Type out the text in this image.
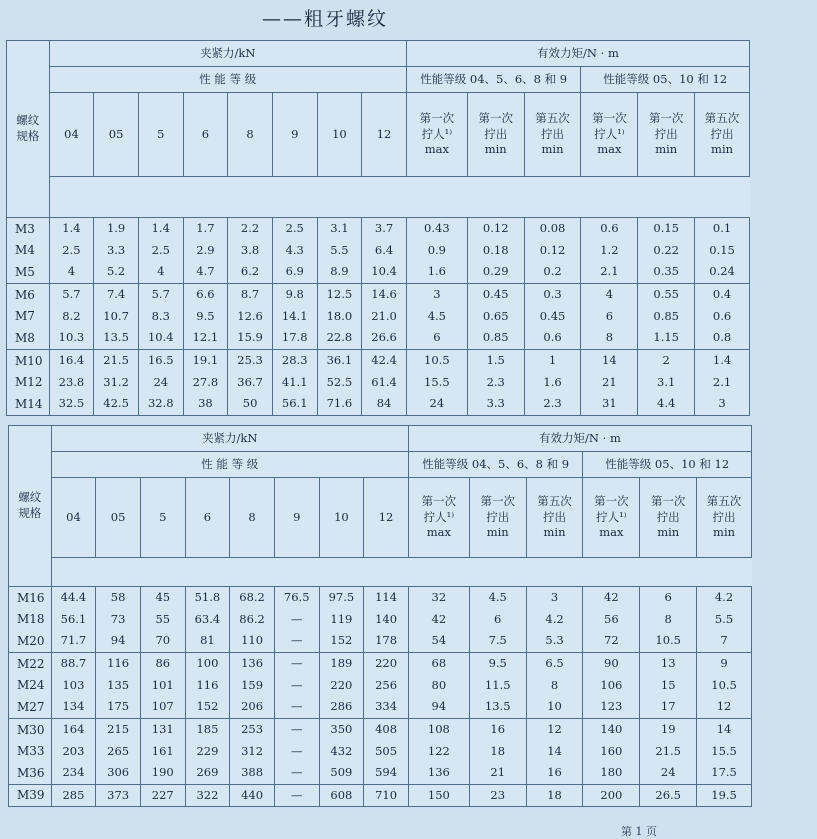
——粗牙螺纹
螺纹
规格	夹紧力/kN								有效力矩/N · m					
	性 能 等 级								性能等级 04、5、6、8 和 9			性能等级 05、10 和 12		
	04	05	5	6	8	9	10	12	第一次
拧人¹⁾
max	第一次
拧出
min	第五次
拧出
min	第一次
拧人¹⁾
max	第一次
拧出
min	第五次
拧出
min

M3	1.4	1.9	1.4	1.7	2.2	2.5	3.1	3.7	0.43	0.12	0.08	0.6	0.15	0.1
M4	2.5	3.3	2.5	2.9	3.8	4.3	5.5	6.4	0.9	0.18	0.12	1.2	0.22	0.15
M5	4	5.2	4	4.7	6.2	6.9	8.9	10.4	1.6	0.29	0.2	2.1	0.35	0.24
M6	5.7	7.4	5.7	6.6	8.7	9.8	12.5	14.6	3	0.45	0.3	4	0.55	0.4
M7	8.2	10.7	8.3	9.5	12.6	14.1	18.0	21.0	4.5	0.65	0.45	6	0.85	0.6
M8	10.3	13.5	10.4	12.1	15.9	17.8	22.8	26.6	6	0.85	0.6	8	1.15	0.8
M10	16.4	21.5	16.5	19.1	25.3	28.3	36.1	42.4	10.5	1.5	1	14	2	1.4
M12	23.8	31.2	24	27.8	36.7	41.1	52.5	61.4	15.5	2.3	1.6	21	3.1	2.1
M14	32.5	42.5	32.8	38	50	56.1	71.6	84	24	3.3	2.3	31	4.4	3
螺纹
规格	夹紧力/kN								有效力矩/N · m					
	性 能 等 级								性能等级 04、5、6、8 和 9			性能等级 05、10 和 12		
	04	05	5	6	8	9	10	12	第一次
拧人¹⁾
max	第一次
拧出
min	第五次
拧出
min	第一次
拧人¹⁾
max	第一次
拧出
min	第五次
拧出
min

M16	44.4	58	45	51.8	68.2	76.5	97.5	114	32	4.5	3	42	6	4.2
M18	56.1	73	55	63.4	86.2	—	119	140	42	6	4.2	56	8	5.5
M20	71.7	94	70	81	110	—	152	178	54	7.5	5.3	72	10.5	7
M22	88.7	116	86	100	136	—	189	220	68	9.5	6.5	90	13	9
M24	103	135	101	116	159	—	220	256	80	11.5	8	106	15	10.5
M27	134	175	107	152	206	—	286	334	94	13.5	10	123	17	12
M30	164	215	131	185	253	—	350	408	108	16	12	140	19	14
M33	203	265	161	229	312	—	432	505	122	18	14	160	21.5	15.5
M36	234	306	190	269	388	—	509	594	136	21	16	180	24	17.5
M39	285	373	227	322	440	—	608	710	150	23	18	200	26.5	19.5
第 1 页
